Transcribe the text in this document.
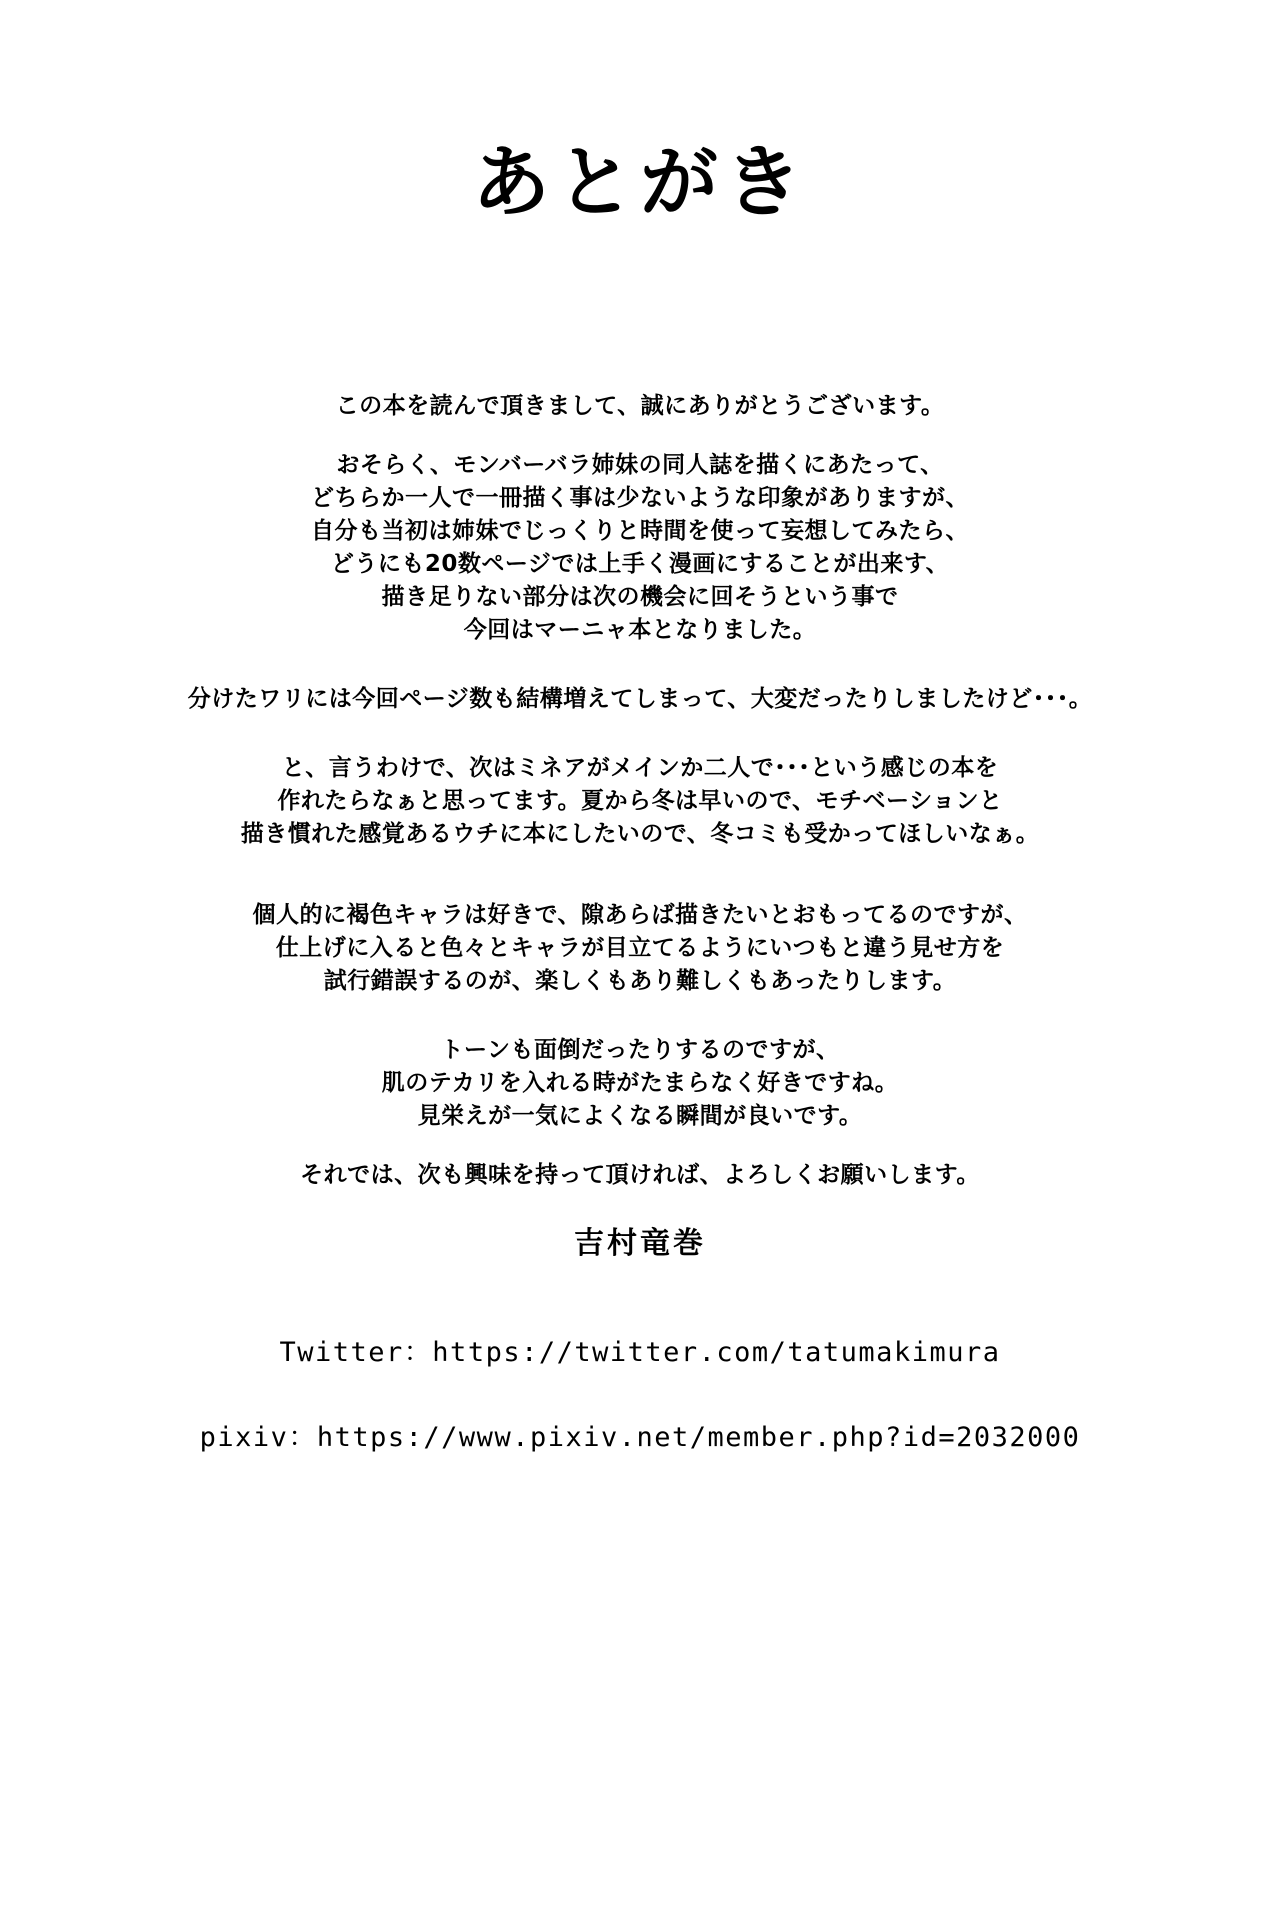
あとがき
この本を読んで頂きまして、誠にありがとうございます。
おそらく、モンバーバラ姉妹の同人誌を描くにあたって、
どちらか一人で一冊描く事は少ないような印象がありますが、
自分も当初は姉妹でじっくりと時間を使って妄想してみたら、
どうにも20数ページでは上手く漫画にすることが出来す、
描き足りない部分は次の機会に回そうという事で
今回はマーニャ本となりました。
分けたワリには今回ページ数も結構増えてしまって、大変だったりしましたけど･･･。
と、言うわけで、次はミネアがメインか二人で･･･という感じの本を
作れたらなぁと思ってます。夏から冬は早いので、モチベーションと
描き慣れた感覚あるウチに本にしたいので、冬コミも受かってほしいなぁ。
個人的に褐色キャラは好きで、隙あらば描きたいとおもってるのですが、
仕上げに入ると色々とキャラが目立てるようにいつもと違う見せ方を
試行錯誤するのが、楽しくもあり難しくもあったりします。
トーンも面倒だったりするのですが、
肌のテカリを入れる時がたまらなく好きですね。
見栄えが一気によくなる瞬間が良いです。
それでは、次も興味を持って頂ければ、よろしくお願いします。
吉村竜巻
Twitter：https://twitter.com/tatumakimura
pixiv：https://www.pixiv.net/member.php?id=2032000
